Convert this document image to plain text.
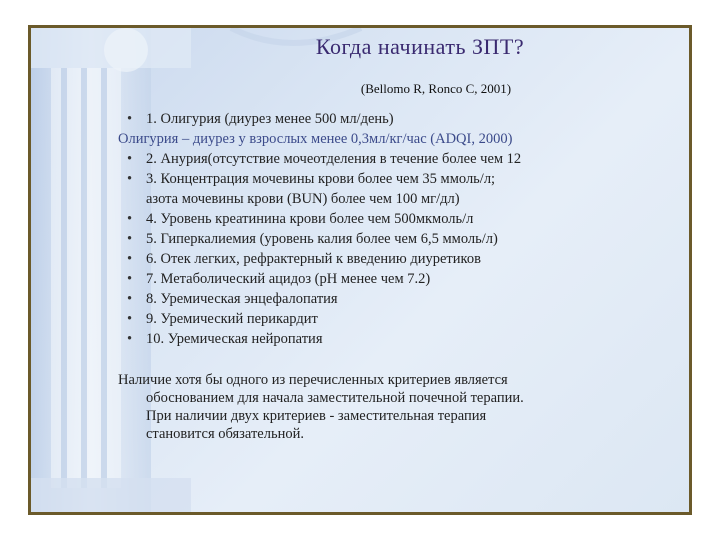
Когда начинать ЗПТ?
(Bellomo R, Ronco C, 2001)
• 1. Олигурия (диурез менее 500 мл/день)
Олигурия – диурез у взрослых менее 0,3мл/кг/час (ADQI, 2000)
• 2. Анурия(отсутствие мочеотделения в течение более чем 12
• 3. Концентрация мочевины крови более чем 35 ммоль/л;
азота мочевины крови (BUN) более чем 100 мг/дл)
• 4. Уровень креатинина крови более чем 500мкмоль/л
• 5. Гиперкалиемия (уровень калия более чем 6,5 ммоль/л)
• 6. Отек легких, рефрактерный к введению диуретиков
• 7. Метаболический ацидоз (pH менее чем 7.2)
• 8. Уремическая энцефалопатия
• 9. Уремический перикардит
• 10. Уремическая нейропатия
Наличие хотя бы одного из перечисленных критериев является
обоснованием для начала заместительной почечной терапии.
При наличии двух критериев - заместительная терапия
становится обязательной.
